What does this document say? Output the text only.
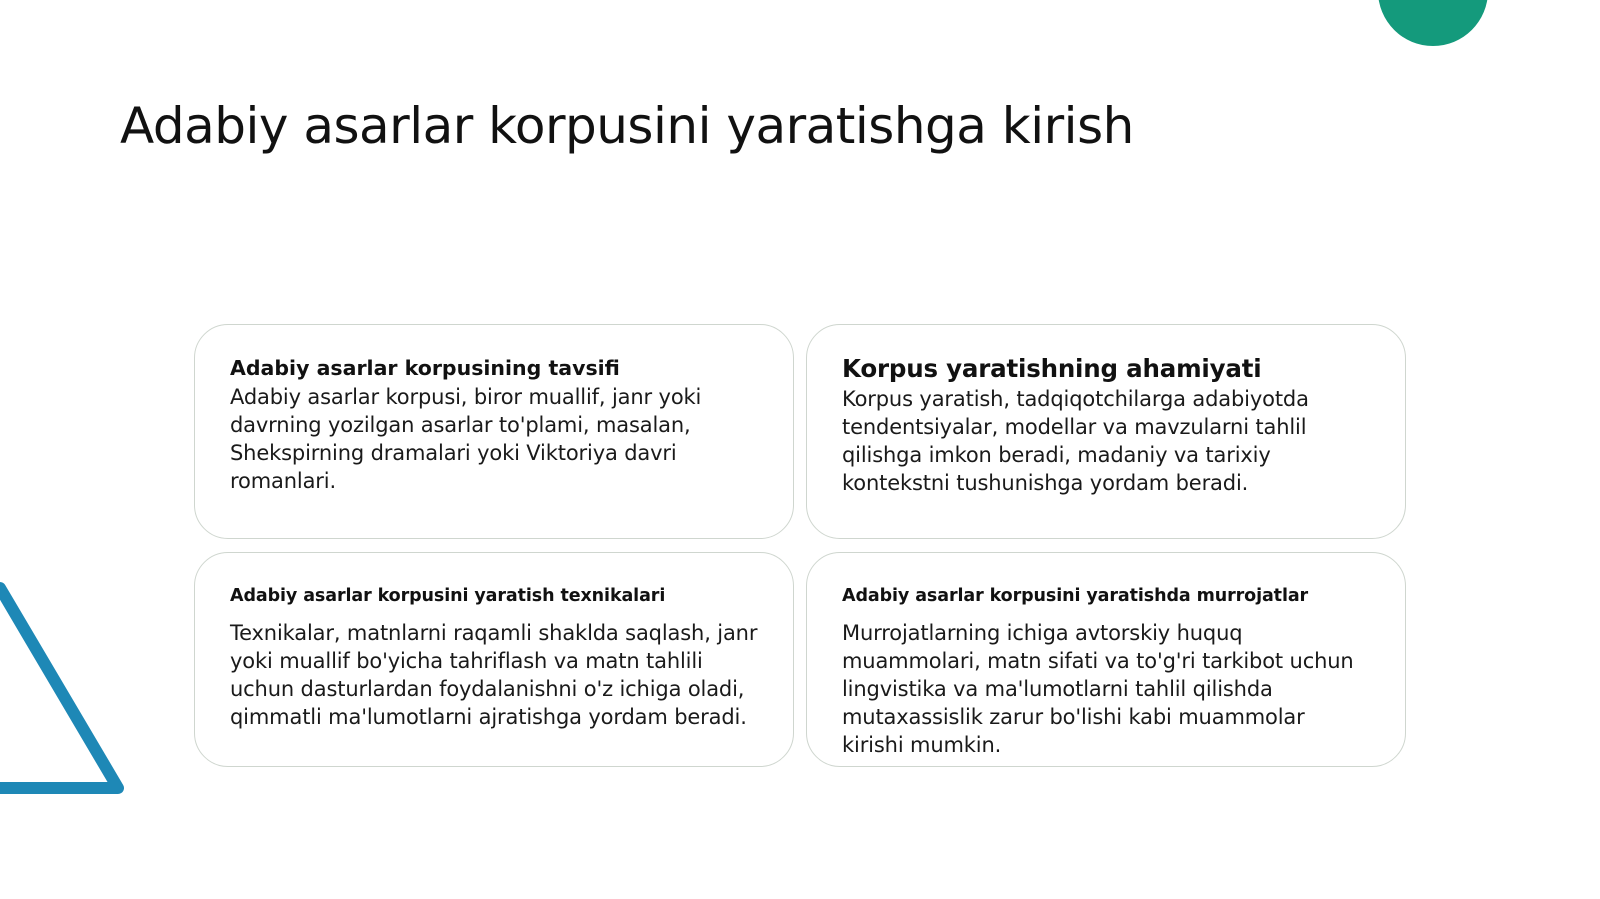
Adabiy asarlar korpusini yaratishga kirish
Adabiy asarlar korpusining tavsifi

Adabiy asarlar korpusi, biror muallif, janr yoki davrning yozilgan asarlar to'plami, masalan, Shekspirning dramalari yoki Viktoriya davri romanlari.

Korpus yaratishning ahamiyati

Korpus yaratish, tadqiqotchilarga adabiyotda tendentsiyalar, modellar va mavzularni tahlil qilishga imkon beradi, madaniy va tarixiy kontekstni tushunishga yordam beradi.

Adabiy asarlar korpusini yaratish texnikalari

Texnikalar, matnlarni raqamli shaklda saqlash, janr yoki muallif bo'yicha tahriflash va matn tahlili uchun dasturlardan foydalanishni o'z ichiga oladi, qimmatli ma'lumotlarni ajratishga yordam beradi.

Adabiy asarlar korpusini yaratishda murrojatlar

Murrojatlarning ichiga avtorskiy huquq muammolari, matn sifati va to'g'ri tarkibot uchun lingvistika va ma'lumotlarni tahlil qilishda mutaxassislik zarur bo'lishi kabi muammolar kirishi mumkin.
